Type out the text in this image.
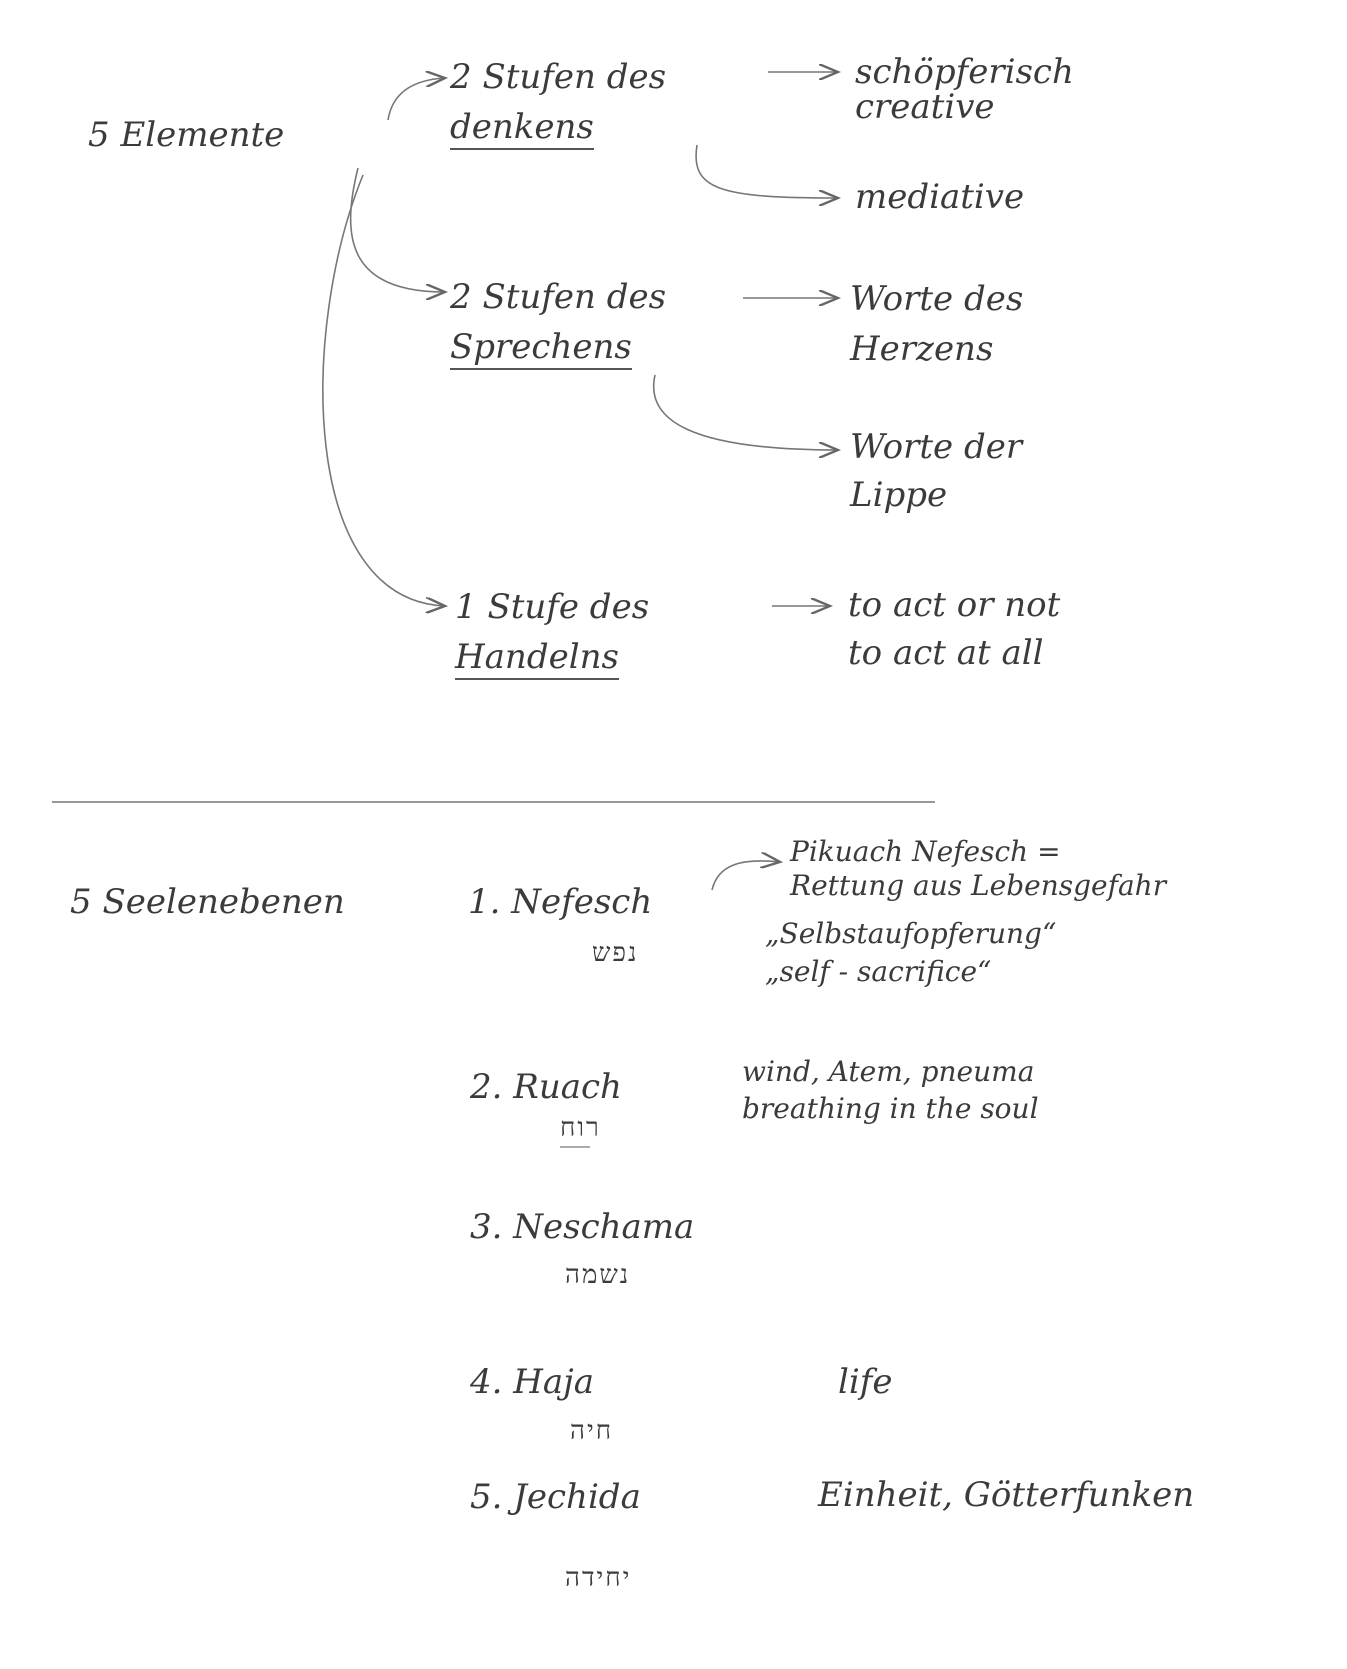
5 Elemente
2 Stufen des
denkens
schöpferisch
creative
mediative
2 Stufen des
Sprechens
Worte des
Herzens
Worte der
Lippe
1 Stufe des
Handelns
to act or not
to act at all
5 Seelenebenen	1. Nefesch
נפש
Pikuach Nefesch =
Rettung aus Lebensgefahr
„Selbstaufopferung“
„self - sacrifice“
2. Ruach
רוח
wind, Atem, pneuma
breathing in the soul
3. Neschama
נשמה
4. Haja
חיה
life
5. Jechida
יחידה
Einheit, Götterfunken
